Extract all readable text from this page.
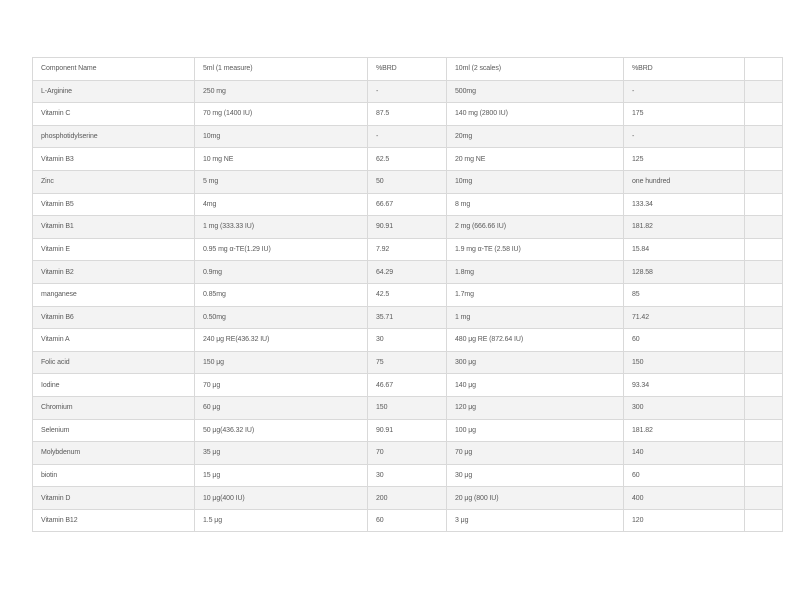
Component Name	5ml (1 measure)	%BRD	10ml (2 scales)	%BRD	
L-Arginine	250 mg	-	500mg	-	
Vitamin C	70 mg (1400 IU)	87.5	140 mg (2800 IU)	175	
phosphotidylserine	10mg	-	20mg	-	
Vitamin B3	10 mg NE	62.5	20 mg NE	125	
Zinc	5 mg	50	10mg	one hundred	
Vitamin B5	4mg	66.67	8 mg	133.34	
Vitamin B1	1 mg (333.33 IU)	90.91	2 mg (666.66 IU)	181.82	
Vitamin E	0.95 mg α-TE(1.29 IU)	7.92	1.9 mg α-TE (2.58 IU)	15.84	
Vitamin B2	0.9mg	64.29	1.8mg	128.58	
manganese	0.85mg	42.5	1.7mg	85	
Vitamin B6	0.50mg	35.71	1 mg	71.42	
Vitamin A	240 μg RE(436.32 IU)	30	480 μg RE (872.64 IU)	60	
Folic acid	150 μg	75	300 μg	150	
Iodine	70 μg	46.67	140 μg	93.34	
Chromium	60 μg	150	120 μg	300	
Selenium	50 μg(436.32 IU)	90.91	100 μg	181.82	
Molybdenum	35 μg	70	70 μg	140	
biotin	15 μg	30	30 μg	60	
Vitamin D	10 μg(400 IU)	200	20 μg (800 IU)	400	
Vitamin B12	1.5 μg	60	3 μg	120	
